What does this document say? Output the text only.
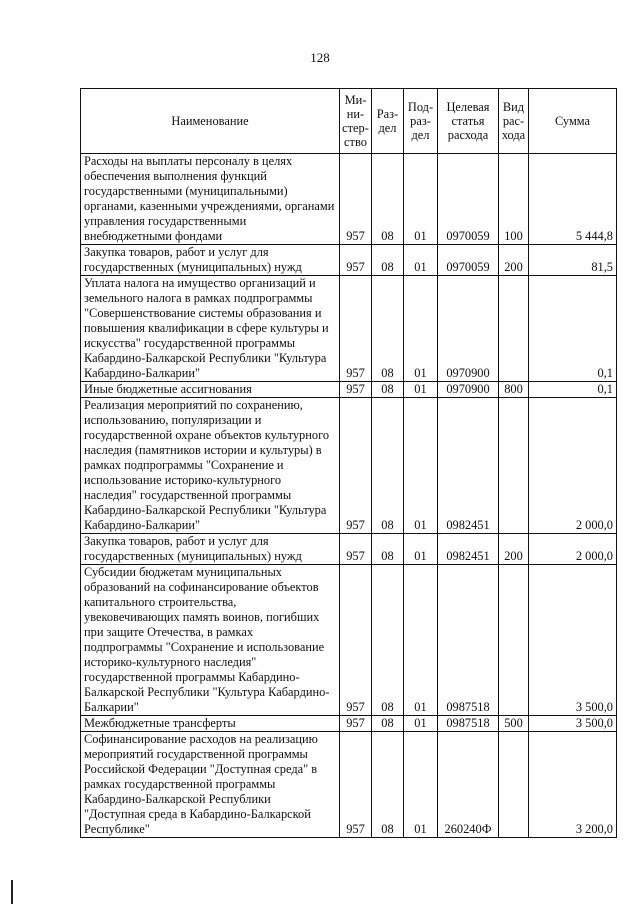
128
Наименование	Ми-ни-стер-ство	Раз-дел	Под-раз-дел	Целевая статья расхода	Вид рас-хода	Сумма

Расходы на выплаты персоналу в целях обеспечения выполнения функций государственными (муниципальными) органами, казенными учреждениями, органами управления государственными внебюджетными фондами	957	08	01	0970059	100	5 444,8

Закупка товаров, работ и услуг для государственных (муниципальных) нужд	957	08	01	0970059	200	81,5

Уплата налога на имущество организаций и земельного налога в рамках подпрограммы "Совершенствование системы образования и повышения квалификации в сфере культуры и искусства" государственной программы Кабардино-Балкарской Республики "Культура Кабардино-Балкарии"	957	08	01	0970900		0,1

Иные бюджетные ассигнования	957	08	01	0970900	800	0,1

Реализация мероприятий по сохранению, использованию, популяризации и государственной охране объектов культурного наследия (памятников истории и культуры) в рамках подпрограммы "Сохранение и использование историко-культурного наследия" государственной программы Кабардино-Балкарской Республики "Культура Кабардино-Балкарии"	957	08	01	0982451		2 000,0

Закупка товаров, работ и услуг для государственных (муниципальных) нужд	957	08	01	0982451	200	2 000,0

Субсидии бюджетам муниципальных образований на софинансирование объектов капитального строительства, увековечивающих память воинов, погибших при защите Отечества, в рамках подпрограммы "Сохранение и использование историко-культурного наследия" государственной программы Кабардино-Балкарской Республики "Культура Кабардино-Балкарии"	957	08	01	0987518		3 500,0

Межбюджетные трансферты	957	08	01	0987518	500	3 500,0

Софинансирование расходов на реализацию мероприятий государственной программы Российской Федерации "Доступная среда" в рамках государственной программы Кабардино-Балкарской Республики "Доступная среда в Кабардино-Балкарской Республике"	957	08	01	260240Ф		3 200,0
